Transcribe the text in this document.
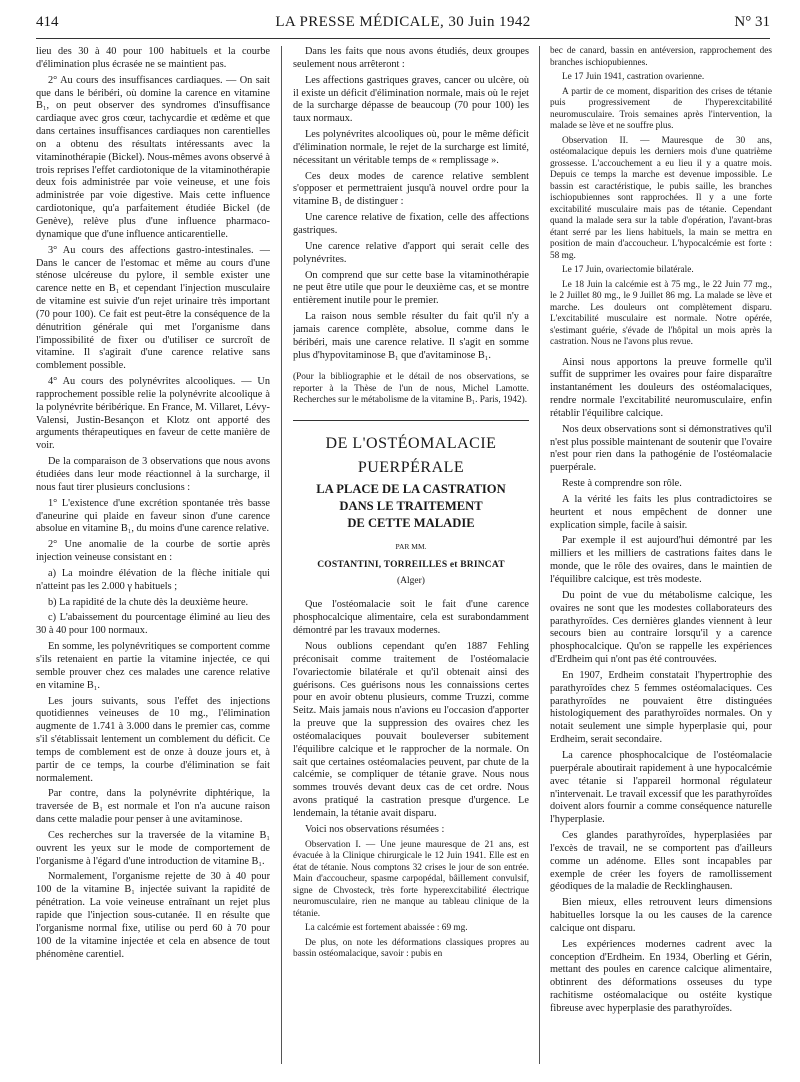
414	LA PRESSE MÉDICALE, 30 Juin 1942	N° 31

lieu des 30 à 40 pour 100 habituels et la courbe d'élimination plus écrasée ne se maintient pas.

2° Au cours des insuffisances cardiaques. — On sait que dans le béribéri, où domine la carence en vitamine B₁, on peut observer des syndromes d'insuffisance cardiaque avec gros cœur, tachycardie et œdème et que dans certaines insuffisances cardiaques non carentielles on a obtenu des résultats intéressants avec la vitaminothérapie (Bickel). Nous-mêmes avons observé à trois reprises l'effet cardiotonique de la vitaminothérapie deux fois administrée par voie veineuse, et une fois administrée par voie digestive. Mais cette influence cardiotonique, qu'a parfaitement étudiée Bickel (de Genève), relève plus d'une influence pharmaco-dynamique que d'une influence anticarentielle.

3° Au cours des affections gastro-intestinales. — Dans le cancer de l'estomac et même au cours d'une sténose ulcéreuse du pylore, il semble exister une carence nette en B₁ et cependant l'injection musculaire de vitamine est suivie d'un rejet urinaire très important (70 pour 100). Ce fait est peut-être la conséquence de la dénutrition générale qui met l'organisme dans l'impossibilité de fixer ou d'utiliser ce surcroît de vitamine. Il s'agirait d'une carence relative sans comblement possible.

4° Au cours des polynévrites alcooliques. — Un rapprochement possible relie la polynévrite alcoolique à la polynévrite béribérique. En France, M. Villaret, Lévy-Valensi, Justin-Besançon et Klotz ont apporté des arguments thérapeutiques en faveur de cette manière de voir.

De la comparaison de 3 observations que nous avons étudiées dans leur mode réactionnel à la surcharge, il nous faut tirer plusieurs conclusions :

1° L'existence d'une excrétion spontanée très basse d'aneurine qui plaide en faveur sinon d'une carence absolue en vitamine B₁, du moins d'une carence relative.

2° Une anomalie de la courbe de sortie après injection veineuse consistant en :

a) La moindre élévation de la flèche initiale qui n'atteint pas les 2.000 γ habituels ;

b) La rapidité de la chute dès la deuxième heure.

c) L'abaissement du pourcentage éliminé au lieu des 30 à 40 pour 100 normaux.

En somme, les polynévritiques se comportent comme s'ils retenaient en partie la vitamine injectée, ce qui semble prouver chez ces malades une carence relative en vitamine B₁.

Les jours suivants, sous l'effet des injections quotidiennes veineuses de 10 mg., l'élimination augmente de 1.741 à 3.000 dans le premier cas, comme s'il s'établissait lentement un comblement du déficit. Ce temps de comblement est de onze à douze jours et, à partir de ce temps, la courbe d'élimination se fait normalement.

Par contre, dans la polynévrite diphtérique, la traversée de B₁ est normale et l'on n'a aucune raison dans cette maladie pour penser à une avitaminose.

Ces recherches sur la traversée de la vitamine B₁ ouvrent les yeux sur le mode de comportement de l'organisme à l'égard d'une introduction de vitamine B₁.

Normalement, l'organisme rejette de 30 à 40 pour 100 de la vitamine B₁ injectée suivant la rapidité de pénétration. La voie veineuse entraînant un rejet plus rapide que l'injection sous-cutanée. Il en résulte que l'organisme normal fixe, utilise ou perd 60 à 70 pour 100 de la vitamine injectée et cela en absence de tout phénomène carentiel.

Dans les faits que nous avons étudiés, deux groupes seulement nous arrêteront :

Les affections gastriques graves, cancer ou ulcère, où il existe un déficit d'élimination normale, mais où le rejet de la surcharge dépasse de beaucoup (70 pour 100) les taux normaux.

Les polynévrites alcooliques où, pour le même déficit d'élimination normale, le rejet de la surcharge est limité, nécessitant un véritable temps de « remplissage ».

Ces deux modes de carence relative semblent s'opposer et permettraient jusqu'à nouvel ordre pour la vitamine B₁ de distinguer :

Une carence relative de fixation, celle des affections gastriques.

Une carence relative d'apport qui serait celle des polynévrites.

On comprend que sur cette base la vitaminothérapie ne peut être utile que pour le deuxième cas, et se montre entièrement inutile pour le premier.

La raison nous semble résulter du fait qu'il n'y a jamais carence complète, absolue, comme dans le béribéri, mais une carence relative. Il s'agit en somme plus d'hypovitaminose B₁ que d'avitaminose B₁.

(Pour la bibliographie et le détail de nos observations, se reporter à la Thèse de l'un de nous, Michel Lamotte. Recherches sur le métabolisme de la vitamine B₁. Paris, 1942).
DE L'OSTÉOMALACIE
PUERPÉRALE
LA PLACE DE LA CASTRATION
DANS LE TRAITEMENT
DE CETTE MALADIE
PAR MM.
COSTANTINI, TORREILLES et BRINCAT
(Alger)

Que l'ostéomalacie soit le fait d'une carence phosphocalcique alimentaire, cela est surabondamment démontré par les travaux modernes.

Nous oublions cependant qu'en 1887 Fehling préconisait comme traitement de l'ostéomalacie l'ovariectomie bilatérale et qu'il obtenait ainsi des guérisons. Ces guérisons nous les connaissions certes pour en avoir obtenu plusieurs, comme Truzzi, comme Seitz. Mais jamais nous n'avions eu l'occasion d'apporter la preuve que la suppression des ovaires chez les ostéomalaciques pouvait bouleverser subitement l'équilibre calcique et le rapprocher de la normale. On sait que certaines ostéomalacies peuvent, par chute de la calcémie, se compliquer de tétanie grave. Nous nous sommes trouvés devant deux cas de cet ordre. Nous avons pratiqué la castration presque d'urgence. Le lendemain, la tétanie avait disparu.

Voici nos observations résumées :

Observation I. — Une jeune mauresque de 21 ans, est évacuée à la Clinique chirurgicale le 12 Juin 1941. Elle est en état de tétanie. Nous comptons 32 crises le jour de son entrée. Main d'accoucheur, spasme carpopédal, bâillement convulsif, signe de Chvosteck, très forte hyperexcitabilité électrique neuromusculaire, rien ne manque au tableau clinique de la tétanie.

La calcémie est fortement abaissée : 69 mg.

De plus, on note les déformations classiques propres au bassin ostéomalacique, savoir : pubis en

bec de canard, bassin en antéversion, rapprochement des branches ischiopubiennes.

Le 17 Juin 1941, castration ovarienne.

A partir de ce moment, disparition des crises de tétanie puis progressivement de l'hyperexcitabilité neuromusculaire. Trois semaines après l'intervention, la malade se lève et ne souffre plus.

Observation II. — Mauresque de 30 ans, ostéomalacique depuis les derniers mois d'une quatrième grossesse. L'accouchement a eu lieu il y a quatre mois. Depuis ce temps la marche est devenue impossible. Le bassin est caractéristique, le pubis saille, les branches ischiopubiennes sont rapprochées. Il y a une forte excitabilité musculaire mais pas de tétanie. Cependant quand la malade sera sur la table d'opération, l'avant-bras étant serré par les liens habituels, la main se mettra en position de main d'accoucheur. L'hypocalcémie est forte : 58 mg.

Le 17 Juin, ovariectomie bilatérale.

Le 18 Juin la calcémie est à 75 mg., le 22 Juin 77 mg., le 2 Juillet 80 mg., le 9 Juillet 86 mg. La malade se lève et marche. Les douleurs ont complètement disparu. L'excitabilité musculaire est normale. Notre opérée, s'estimant guérie, s'évade de l'hôpital un mois après la castration. Nous ne l'avons plus revue.

Ainsi nous apportons la preuve formelle qu'il suffit de supprimer les ovaires pour faire disparaître instantanément les douleurs des ostéomalaciques, rendre normale l'excitabilité neuromusculaire, enfin rétablir l'équilibre calcique.

Nos deux observations sont si démonstratives qu'il n'est plus possible maintenant de soutenir que l'ovaire n'est pour rien dans la pathogénie de l'ostéomalacie puerpérale.

Reste à comprendre son rôle.

A la vérité les faits les plus contradictoires se heurtent et nous empêchent de donner une explication simple, facile à saisir.

Par exemple il est aujourd'hui démontré par les milliers et les milliers de castrations faites dans le monde, que le rôle des ovaires, dans le maintien de l'équilibre calcique, est très modeste.

Du point de vue du métabolisme calcique, les ovaires ne sont que les modestes collaborateurs des parathyroïdes. Ces dernières glandes viennent à leur secours bien au contraire lorsqu'il y a carence phosphocalcique. Qu'on se rappelle les expériences d'Erdheim qui n'ont pas été controuvées.

En 1907, Erdheim constatait l'hypertrophie des parathyroïdes chez 5 femmes ostéomalaciques. Ces parathyroïdes ne pouvaient être distinguées histologiquement des parathyroïdes normales. On y notait seulement une simple hyperplasie qui, pour Erdheim, serait secondaire.

La carence phosphocalcique de l'ostéomalacie puerpérale aboutirait rapidement à une hypocalcémie avec tétanie si l'appareil hormonal régulateur n'intervenait. Le travail excessif que les parathyroïdes doivent alors fournir a comme conséquence naturelle l'hyperplasie.

Ces glandes parathyroïdes, hyperplasiées par l'excès de travail, ne se comportent pas d'ailleurs comme un adénome. Elles sont incapables par exemple de créer les foyers de ramollissement géodiques de la maladie de Recklinghausen.

Bien mieux, elles retrouvent leurs dimensions habituelles lorsque la ou les causes de la carence calcique ont disparu.

Les expériences modernes cadrent avec la conception d'Erdheim. En 1934, Oberling et Gérin, mettant des poules en carence calcique alimentaire, obtinrent des déformations osseuses du type rachitisme ostéomalacique ou ostéite kystique fibreuse avec hyperplasie des parathyroïdes.
